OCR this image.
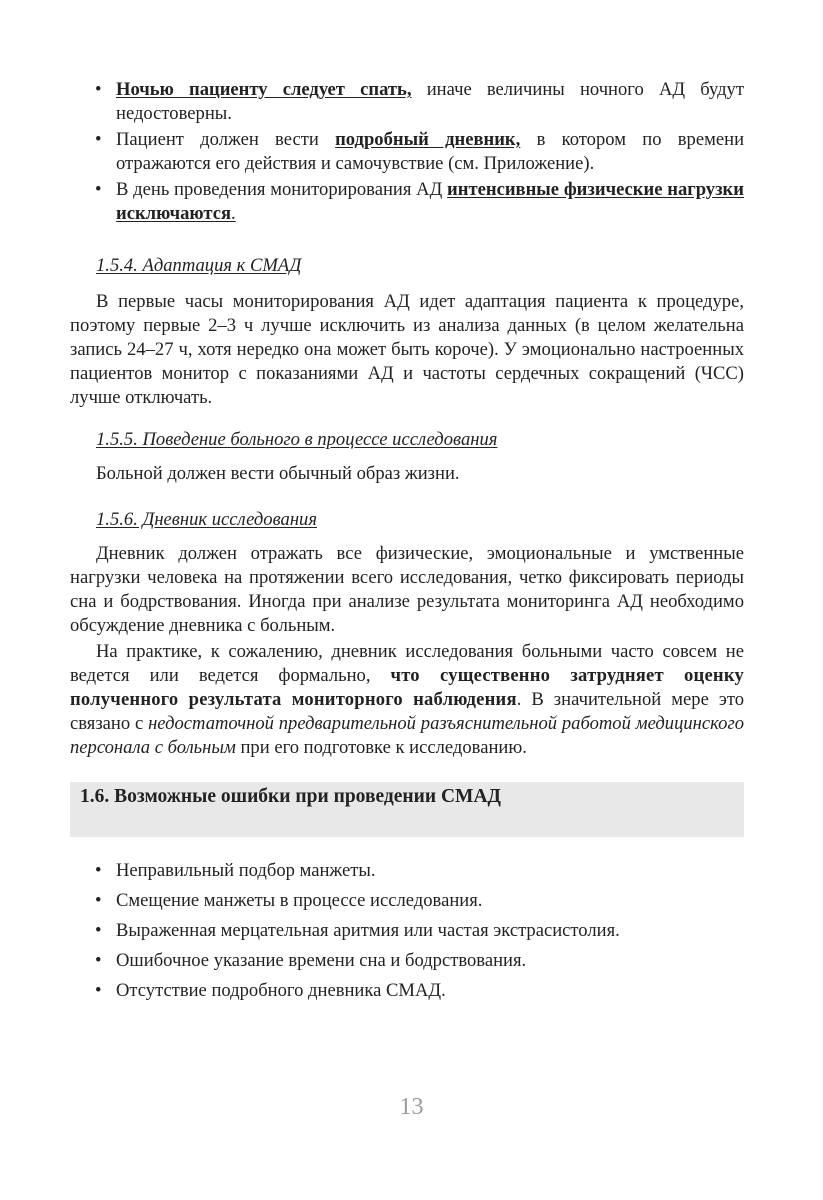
• Ночью пациенту следует спать, иначе величины ночного АД будут недостоверны.
• Пациент должен вести подробный дневник, в котором по времени отражаются его действия и самочувствие (см. Приложение).
• В день проведения мониторирования АД интенсивные физические нагрузки исключаются.

1.5.4. Адаптация к СМАД

В первые часы мониторирования АД идет адаптация пациента к процедуре, поэтому первые 2–3 ч лучше исключить из анализа данных (в целом желательна запись 24–27 ч, хотя нередко она может быть короче). У эмоционально настроенных пациентов монитор с показаниями АД и частоты сердечных сокращений (ЧСС) лучше отключать.

1.5.5. Поведение больного в процессе исследования

Больной должен вести обычный образ жизни.

1.5.6. Дневник исследования

Дневник должен отражать все физические, эмоциональные и умственные нагрузки человека на протяжении всего исследования, четко фиксировать периоды сна и бодрствования. Иногда при анализе результата мониторинга АД необходимо обсуждение дневника с больным.

На практике, к сожалению, дневник исследования больными часто совсем не ведется или ведется формально, что существенно затрудняет оценку полученного результата мониторного наблюдения. В значительной мере это связано с недостаточной предварительной разъяснительной работой медицинского персонала с больным при его подготовке к исследованию.

1.6. Возможные ошибки при проведении СМАД
• Неправильный подбор манжеты.
• Смещение манжеты в процессе исследования.
• Выраженная мерцательная аритмия или частая экстрасистолия.
• Ошибочное указание времени сна и бодрствования.
• Отсутствие подробного дневника СМАД.
13
